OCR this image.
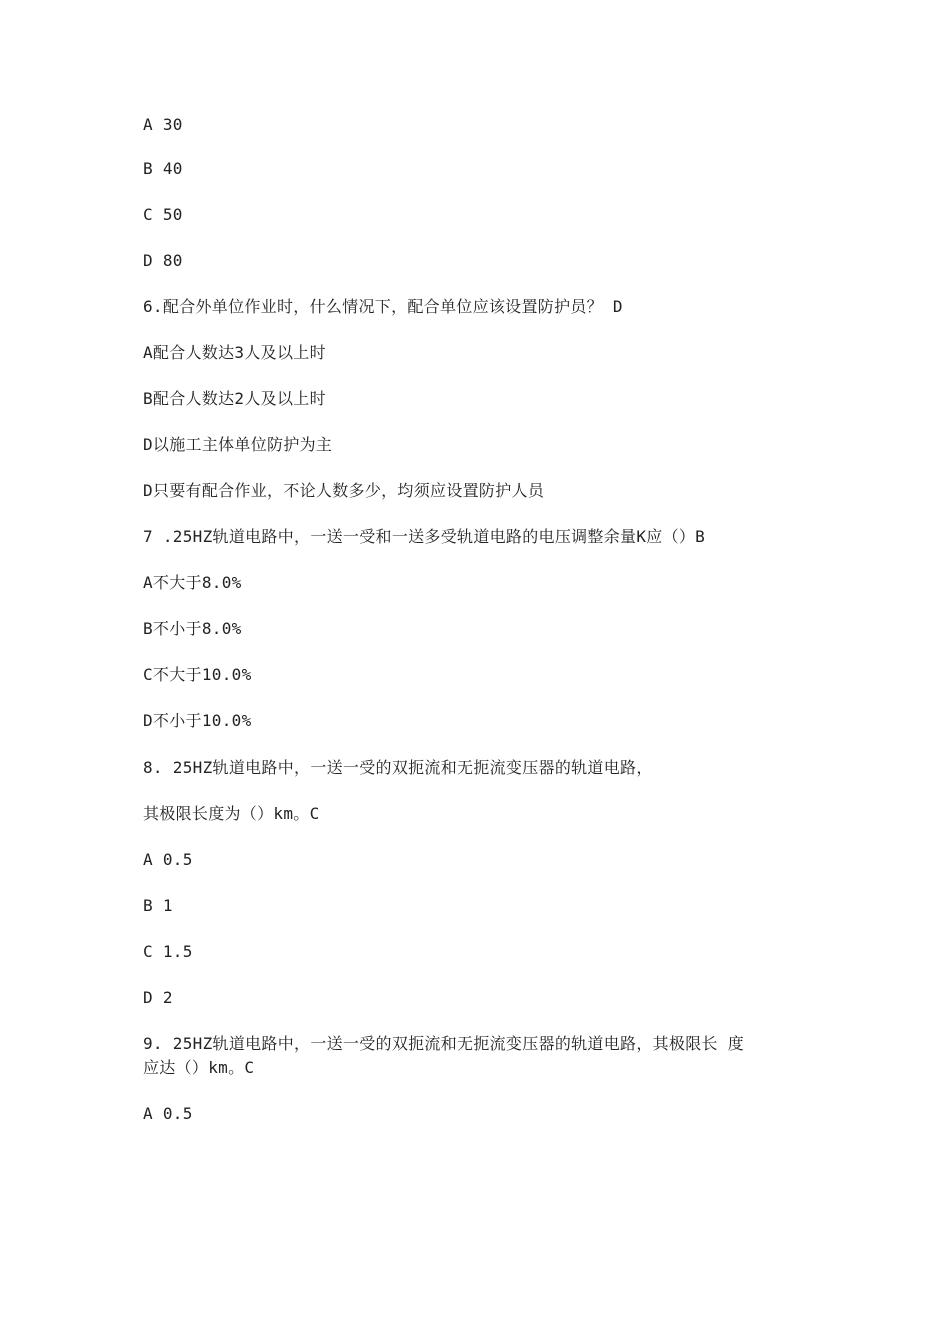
A 30
B 40
C 50
D 80
6.配合外单位作业时，什么情况下，配合单位应该设置防护员？ D
A配合人数达3人及以上时
B配合人数达2人及以上时
D以施工主体单位防护为主
D只要有配合作业，不论人数多少，均须应设置防护人员
7 .25HZ轨道电路中，一送一受和一送多受轨道电路的电压调整余量K应（）B
A不大于8.0%
B不小于8.0%
C不大于10.0%
D不小于10.0%
8. 25HZ轨道电路中，一送一受的双扼流和无扼流变压器的轨道电路，
其极限长度为（）km。C
A 0.5
B 1
C 1.5
D 2
9. 25HZ轨道电路中，一送一受的双扼流和无扼流变压器的轨道电路，其极限长 度
应达（）km。C
A 0.5
